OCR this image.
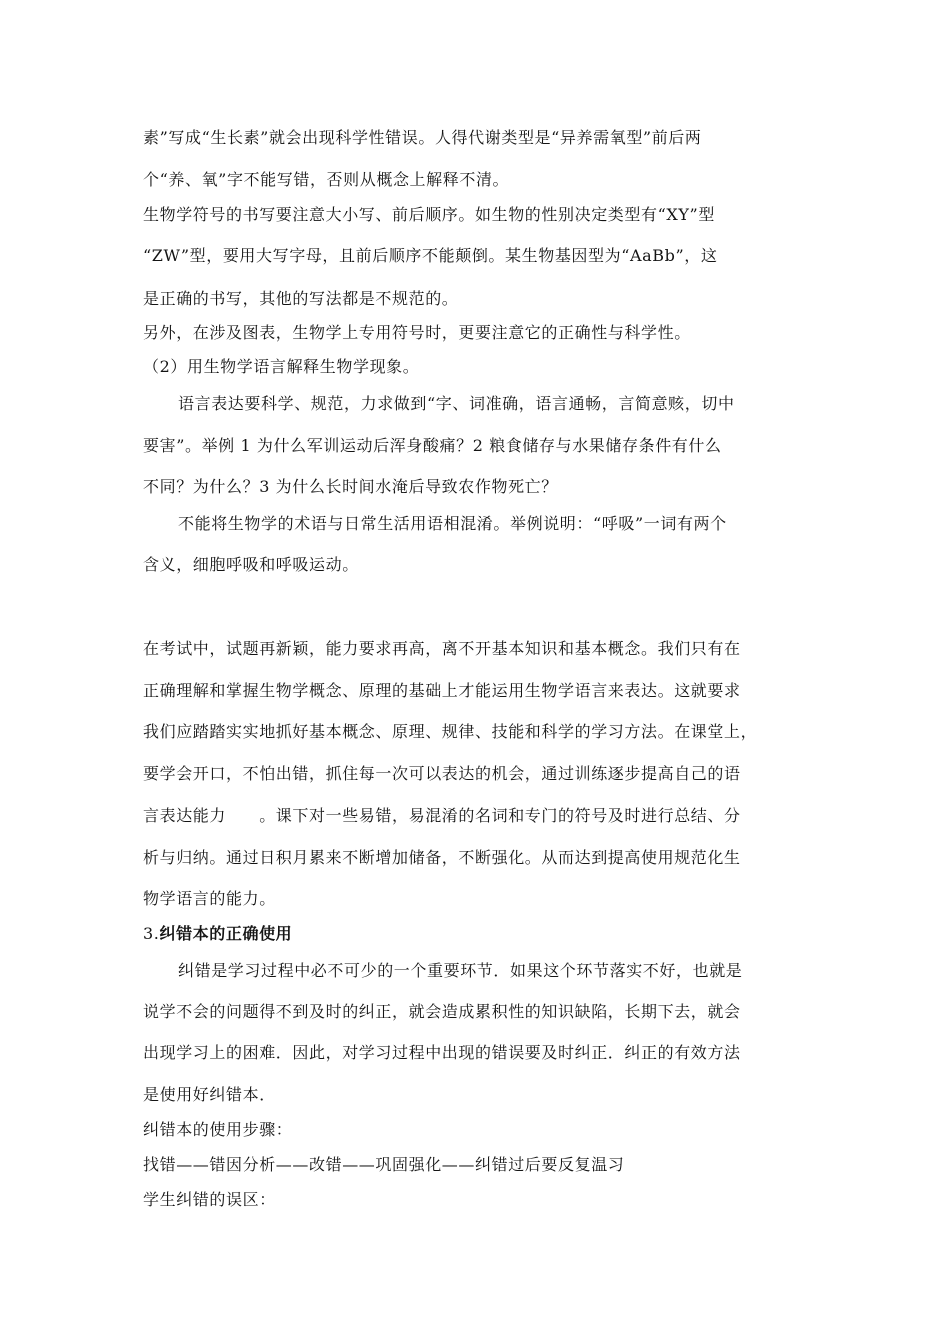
素”写成“生长素”就会出现科学性错误。人得代谢类型是“异养需氧型”前后两
个“养、氧”字不能写错，否则从概念上解释不清。
生物学符号的书写要注意大小写、前后顺序。如生物的性别决定类型有“XY”型
“ZW”型，要用大写字母，且前后顺序不能颠倒。某生物基因型为“AaBb”，这
是正确的书写，其他的写法都是不规范的。
另外，在涉及图表，生物学上专用符号时，更要注意它的正确性与科学性。
（2）用生物学语言解释生物学现象。
语言表达要科学、规范，力求做到“字、词准确，语言通畅，言简意赅，切中
要害”。举例 1 为什么军训运动后浑身酸痛？2 粮食储存与水果储存条件有什么
不同？为什么？3 为什么长时间水淹后导致农作物死亡？
不能将生物学的术语与日常生活用语相混淆。举例说明：“呼吸”一词有两个
含义，细胞呼吸和呼吸运动。
在考试中，试题再新颖，能力要求再高，离不开基本知识和基本概念。我们只有在
正确理解和掌握生物学概念、原理的基础上才能运用生物学语言来表达。这就要求
我们应踏踏实实地抓好基本概念、原理、规律、技能和科学的学习方法。在课堂上，
要学会开口，不怕出错，抓住每一次可以表达的机会，通过训练逐步提高自己的语
言表达能力　　。课下对一些易错，易混淆的名词和专门的符号及时进行总结、分
析与归纳。通过日积月累来不断增加储备，不断强化。从而达到提高使用规范化生
物学语言的能力。
3.纠错本的正确使用
纠错是学习过程中必不可少的一个重要环节．如果这个环节落实不好，也就是
说学不会的问题得不到及时的纠正，就会造成累积性的知识缺陷，长期下去，就会
出现学习上的困难．因此，对学习过程中出现的错误要及时纠正．纠正的有效方法
是使用好纠错本．
纠错本的使用步骤：
找错——错因分析——改错——巩固强化——纠错过后要反复温习
学生纠错的误区：
